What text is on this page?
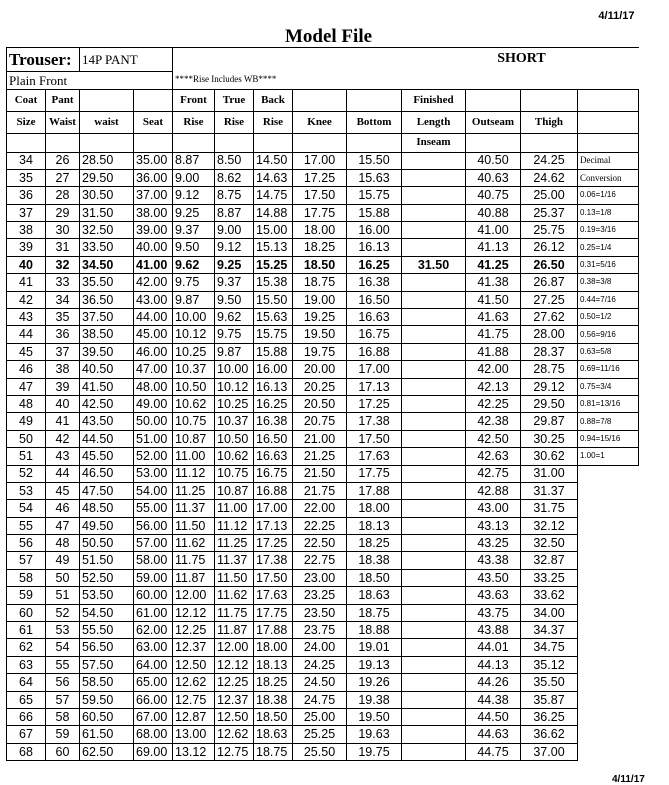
												4/11/17
		Model File										
Trouser:		14P PANT								SHORT		
Plain Front				****Rise Includes WB****								
Coat	Pant			Front	True	Back			Finished			
Size	Waist	waist	Seat	Rise	Rise	Rise	Knee	Bottom	Length	Outseam	Thigh	
									Inseam			
34	26	28.50	35.00	8.87	8.50	14.50	17.00	15.50		40.50	24.25	Decimal
35	27	29.50	36.00	9.00	8.62	14.63	17.25	15.63		40.63	24.62	Conversion
36	28	30.50	37.00	9.12	8.75	14.75	17.50	15.75		40.75	25.00	0.06=1/16
37	29	31.50	38.00	9.25	8.87	14.88	17.75	15.88		40.88	25.37	0.13=1/8
38	30	32.50	39.00	9.37	9.00	15.00	18.00	16.00		41.00	25.75	0.19=3/16
39	31	33.50	40.00	9.50	9.12	15.13	18.25	16.13		41.13	26.12	0.25=1/4
40	32	34.50	41.00	9.62	9.25	15.25	18.50	16.25	31.50	41.25	26.50	0.31=5/16
41	33	35.50	42.00	9.75	9.37	15.38	18.75	16.38		41.38	26.87	0.38=3/8
42	34	36.50	43.00	9.87	9.50	15.50	19.00	16.50		41.50	27.25	0.44=7/16
43	35	37.50	44.00	10.00	9.62	15.63	19.25	16.63		41.63	27.62	0.50=1/2
44	36	38.50	45.00	10.12	9.75	15.75	19.50	16.75		41.75	28.00	0.56=9/16
45	37	39.50	46.00	10.25	9.87	15.88	19.75	16.88		41.88	28.37	0.63=5/8
46	38	40.50	47.00	10.37	10.00	16.00	20.00	17.00		42.00	28.75	0.69=11/16
47	39	41.50	48.00	10.50	10.12	16.13	20.25	17.13		42.13	29.12	0.75=3/4
48	40	42.50	49.00	10.62	10.25	16.25	20.50	17.25		42.25	29.50	0.81=13/16
49	41	43.50	50.00	10.75	10.37	16.38	20.75	17.38		42.38	29.87	0.88=7/8
50	42	44.50	51.00	10.87	10.50	16.50	21.00	17.50		42.50	30.25	0.94=15/16
51	43	45.50	52.00	11.00	10.62	16.63	21.25	17.63		42.63	30.62	1.00=1
52	44	46.50	53.00	11.12	10.75	16.75	21.50	17.75		42.75	31.00	
53	45	47.50	54.00	11.25	10.87	16.88	21.75	17.88		42.88	31.37	
54	46	48.50	55.00	11.37	11.00	17.00	22.00	18.00		43.00	31.75	
55	47	49.50	56.00	11.50	11.12	17.13	22.25	18.13		43.13	32.12	
56	48	50.50	57.00	11.62	11.25	17.25	22.50	18.25		43.25	32.50	
57	49	51.50	58.00	11.75	11.37	17.38	22.75	18.38		43.38	32.87	
58	50	52.50	59.00	11.87	11.50	17.50	23.00	18.50		43.50	33.25	
59	51	53.50	60.00	12.00	11.62	17.63	23.25	18.63		43.63	33.62	
60	52	54.50	61.00	12.12	11.75	17.75	23.50	18.75		43.75	34.00	
61	53	55.50	62.00	12.25	11.87	17.88	23.75	18.88		43.88	34.37	
62	54	56.50	63.00	12.37	12.00	18.00	24.00	19.01		44.01	34.75	
63	55	57.50	64.00	12.50	12.12	18.13	24.25	19.13		44.13	35.12	
64	56	58.50	65.00	12.62	12.25	18.25	24.50	19.26		44.26	35.50	
65	57	59.50	66.00	12.75	12.37	18.38	24.75	19.38		44.38	35.87	
66	58	60.50	67.00	12.87	12.50	18.50	25.00	19.50		44.50	36.25	
67	59	61.50	68.00	13.00	12.62	18.63	25.25	19.63		44.63	36.62	
68	60	62.50	69.00	13.12	12.75	18.75	25.50	19.75		44.75	37.00	
4/11/17
